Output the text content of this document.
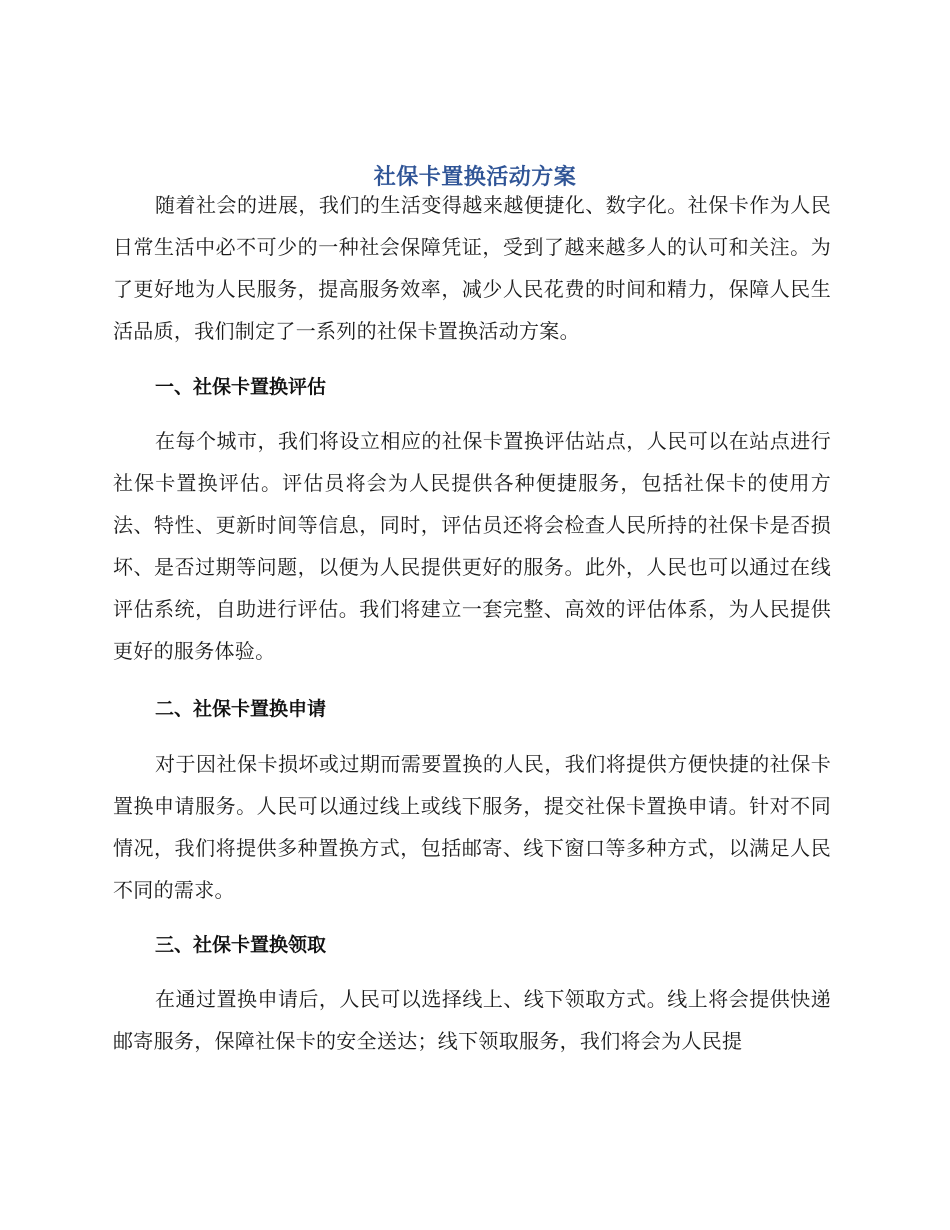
社保卡置换活动方案

随着社会的进展，我们的生活变得越来越便捷化、数字化。社保卡作为人民日常生活中必不可少的一种社会保障凭证，受到了越来越多人的认可和关注。为了更好地为人民服务，提高服务效率，减少人民花费的时间和精力，保障人民生活品质，我们制定了一系列的社保卡置换活动方案。

一、社保卡置换评估

在每个城市，我们将设立相应的社保卡置换评估站点，人民可以在站点进行社保卡置换评估。评估员将会为人民提供各种便捷服务，包括社保卡的使用方法、特性、更新时间等信息，同时，评估员还将会检查人民所持的社保卡是否损坏、是否过期等问题，以便为人民提供更好的服务。此外，人民也可以通过在线评估系统，自助进行评估。我们将建立一套完整、高效的评估体系，为人民提供更好的服务体验。

二、社保卡置换申请

对于因社保卡损坏或过期而需要置换的人民，我们将提供方便快捷的社保卡置换申请服务。人民可以通过线上或线下服务，提交社保卡置换申请。针对不同情况，我们将提供多种置换方式，包括邮寄、线下窗口等多种方式，以满足人民不同的需求。

三、社保卡置换领取

在通过置换申请后，人民可以选择线上、线下领取方式。线上将会提供快递邮寄服务，保障社保卡的安全送达；线下领取服务，我们将会为人民提
